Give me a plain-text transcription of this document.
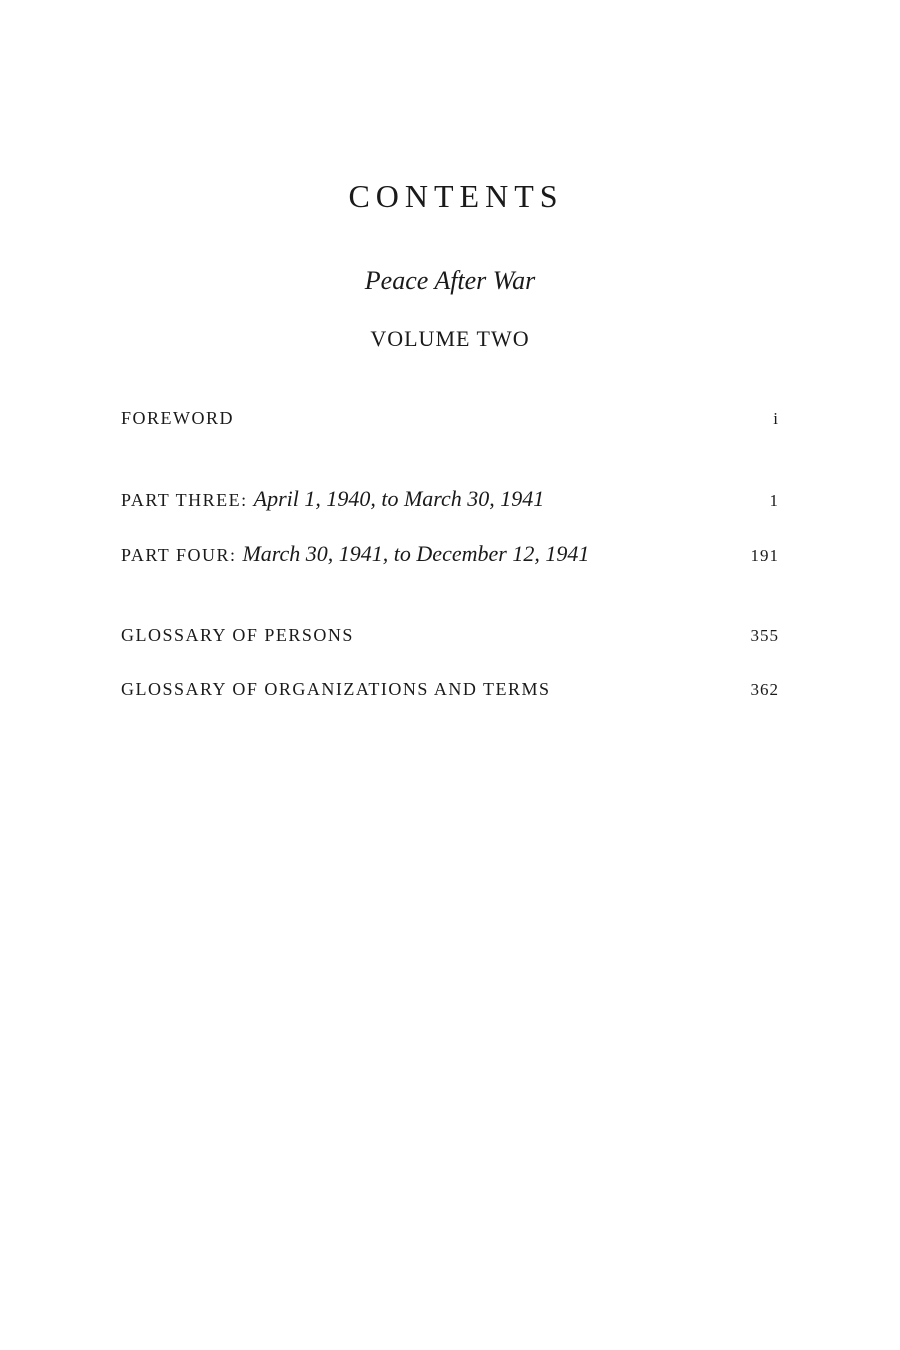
CONTENTS
Peace After War
VOLUME TWO
FOREWORD	i
PART THREE: April 1, 1940, to March 30, 1941	1
PART FOUR: March 30, 1941, to December 12, 1941	191
GLOSSARY OF PERSONS	355
GLOSSARY OF ORGANIZATIONS AND TERMS	362
